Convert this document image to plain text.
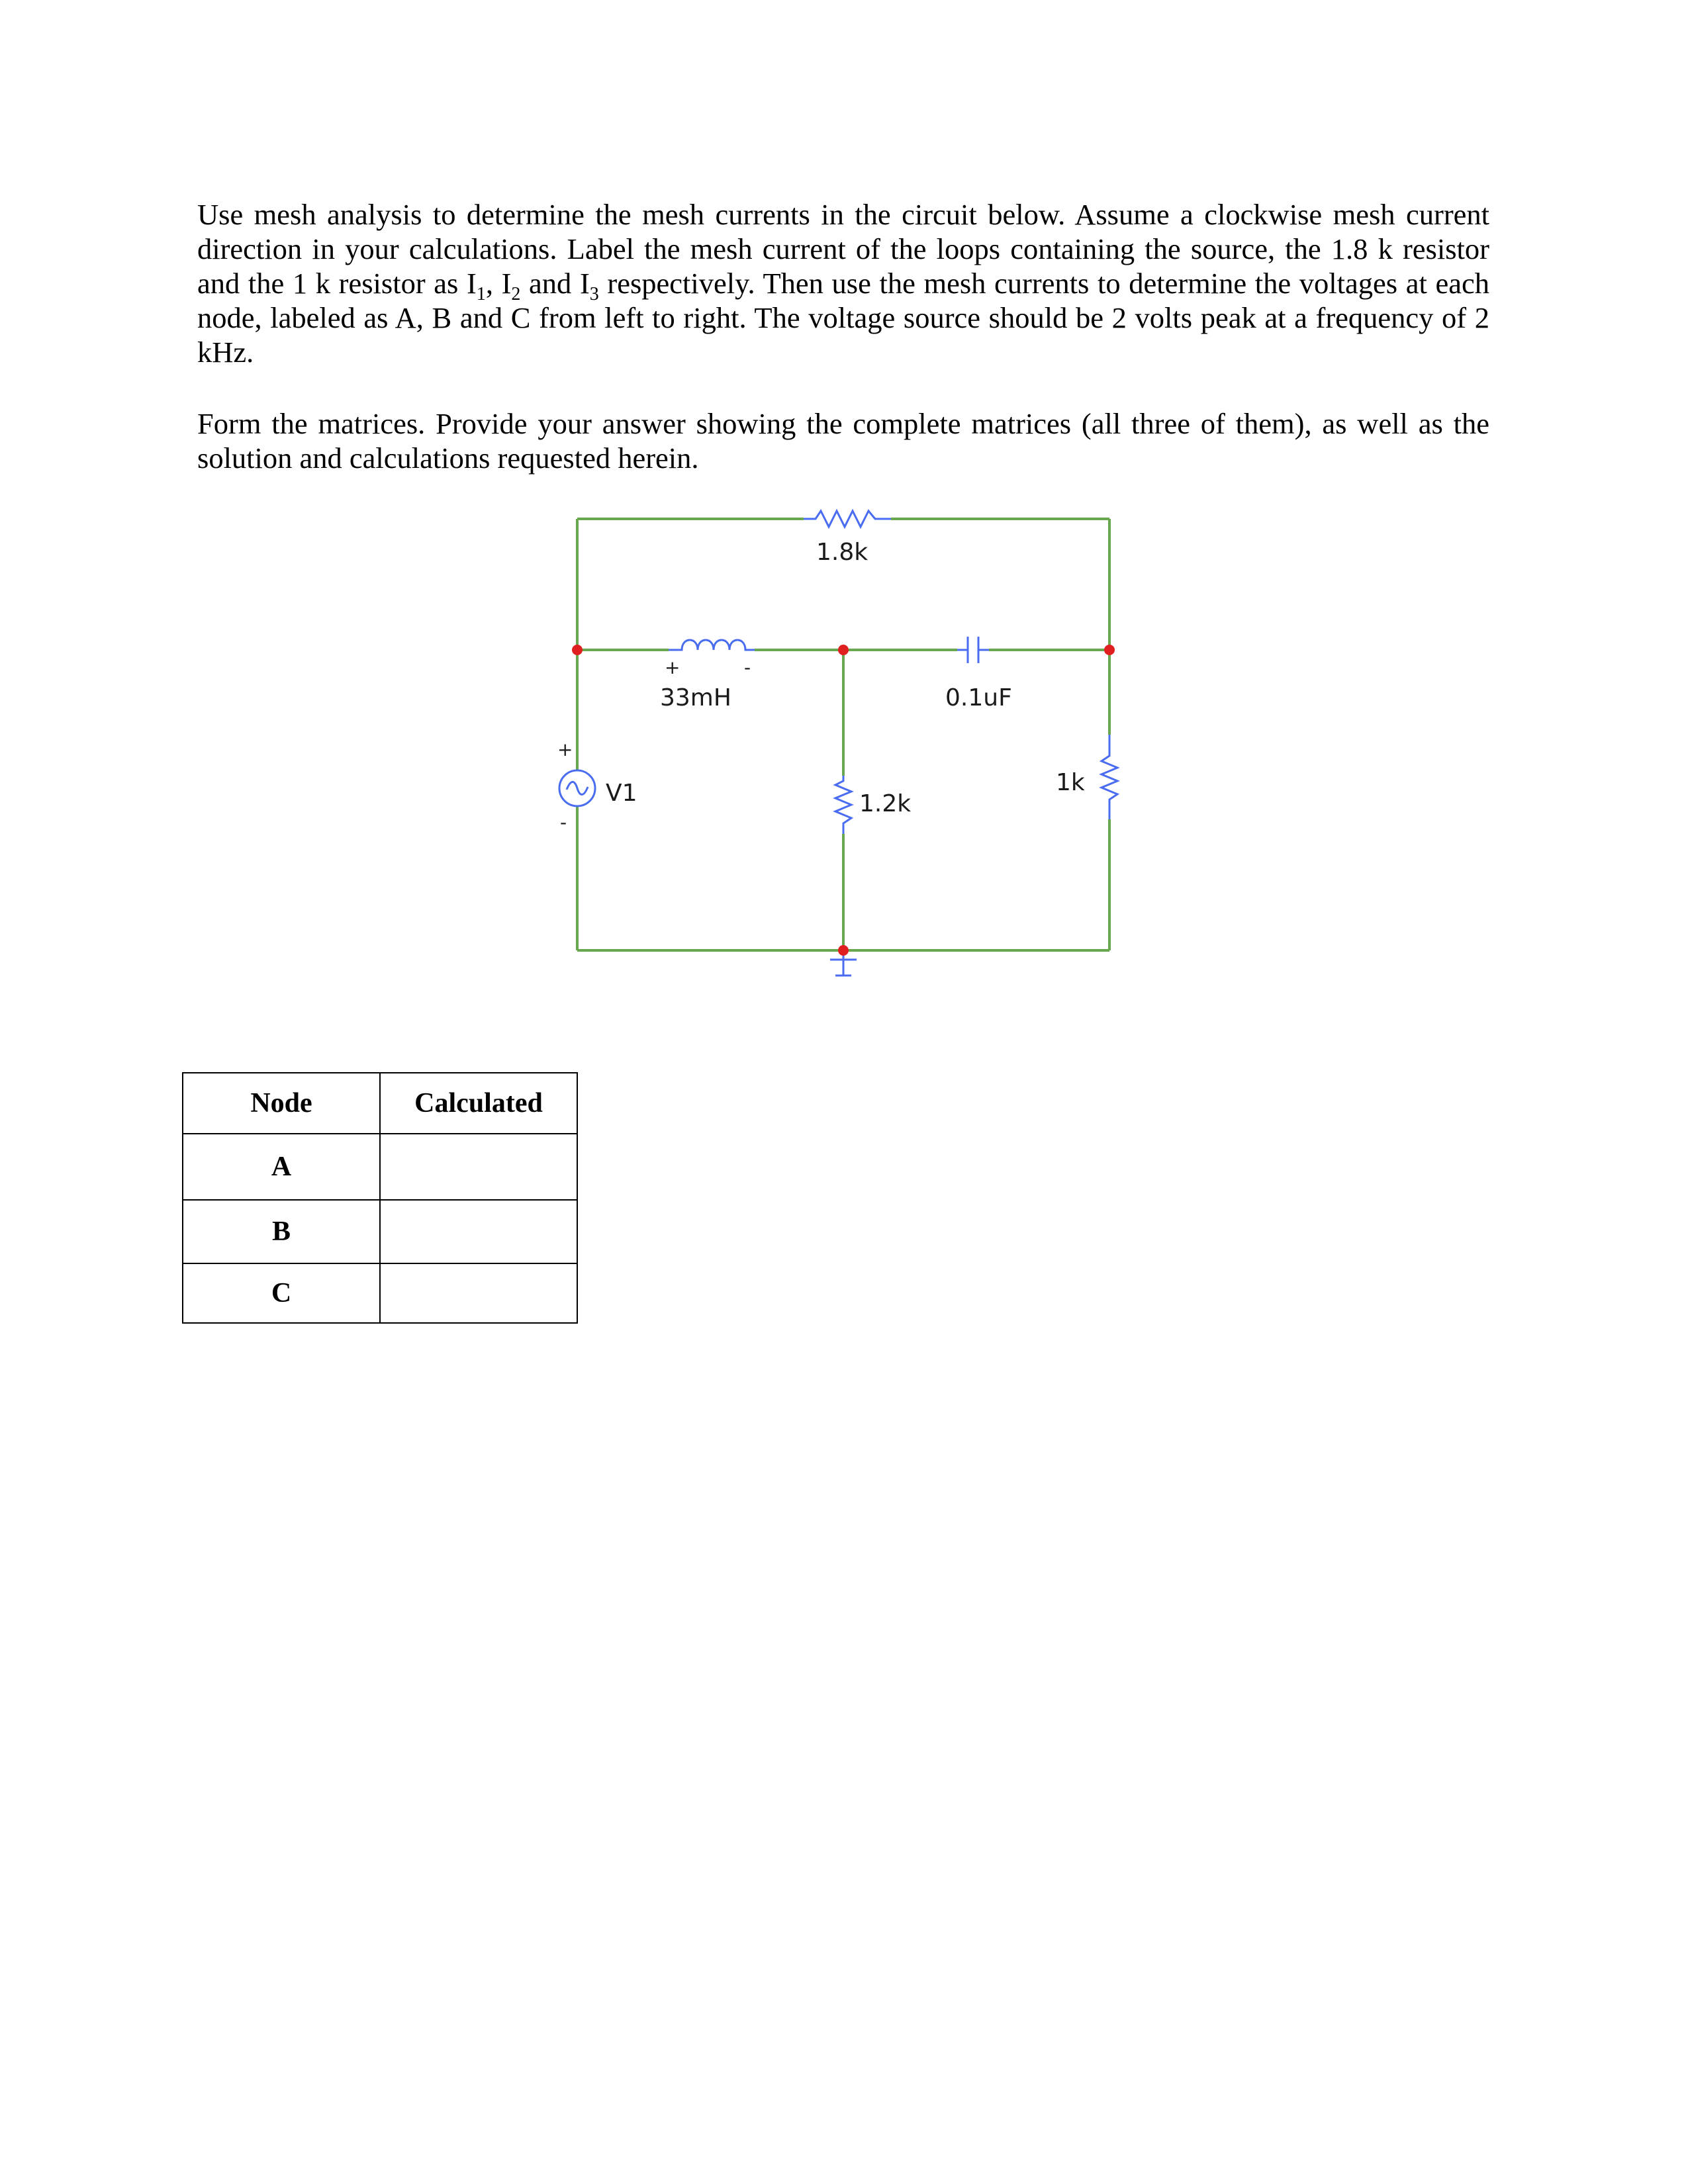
Use mesh analysis to determine the mesh currents in the circuit below. Assume a clockwise mesh current direction in your calculations. Label the mesh current of the loops containing the source, the 1.8 k resistor and the 1 k resistor as $I_1$, $I_2$ and $I_3$ respectively. Then use the mesh currents to determine the voltages at each node, labeled as A, B and C from left to right. The voltage source should be 2 volts peak at a frequency of 2 kHz.

Form the matrices. Provide your answer showing the complete matrices (all three of them), as well as the solution and calculations requested herein.

1.8k
33mH	0.1uF
1.2k
1k
V1
+	-
+
-
Node	Calculated
A	
B	
C	
